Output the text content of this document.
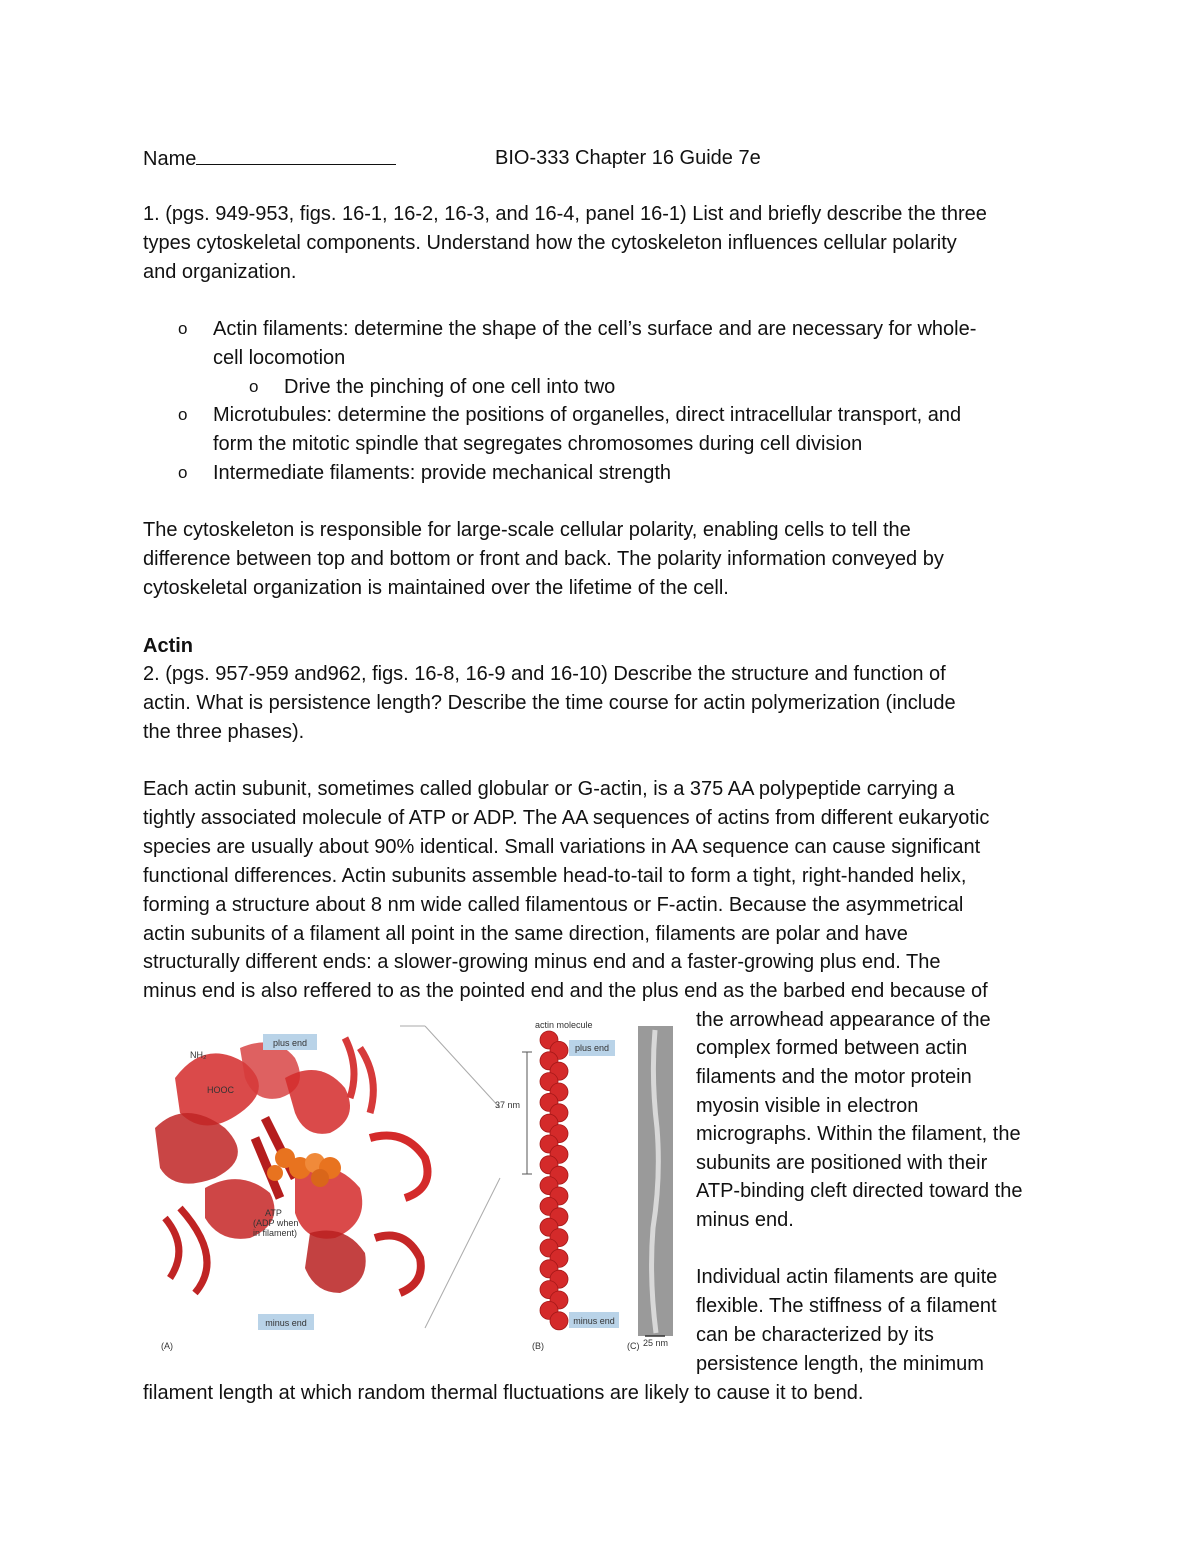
Name	BIO-333 Chapter 16 Guide 7e
1. (pgs. 949-953, figs. 16-1, 16-2, 16-3, and 16-4, panel 16-1) List and briefly describe the three
types cytoskeletal components. Understand how the cytoskeleton influences cellular polarity
and organization.
o Actin filaments: determine the shape of the cell’s surface and are necessary for whole-
cell locomotion
o Drive the pinching of one cell into two
o Microtubules: determine the positions of organelles, direct intracellular transport, and
form the mitotic spindle that segregates chromosomes during cell division
o Intermediate filaments: provide mechanical strength
The cytoskeleton is responsible for large-scale cellular polarity, enabling cells to tell the
difference between top and bottom or front and back. The polarity information conveyed by
cytoskeletal organization is maintained over the lifetime of the cell.
Actin
2. (pgs. 957-959 and962, figs. 16-8, 16-9 and 16-10) Describe the structure and function of
actin. What is persistence length? Describe the time course for actin polymerization (include
the three phases).
Each actin subunit, sometimes called globular or G-actin, is a 375 AA polypeptide carrying a
tightly associated molecule of ATP or ADP. The AA sequences of actins from different eukaryotic
species are usually about 90% identical. Small variations in AA sequence can cause significant
functional differences. Actin subunits assemble head-to-tail to form a tight, right-handed helix,
forming a structure about 8 nm wide called filamentous or F-actin. Because the asymmetrical
actin subunits of a filament all point in the same direction, filaments are polar and have
structurally different ends: a slower-growing minus end and a faster-growing plus end. The
minus end is also reffered to as the pointed end and the plus end as the barbed end because of
the arrowhead appearance of the
complex formed between actin
filaments and the motor protein
myosin visible in electron
micrographs. Within the filament, the
subunits are positioned with their
ATP-binding cleft directed toward the
minus end.
Individual actin filaments are quite
flexible. The stiffness of a filament
can be characterized by its
persistence length, the minimum
filament length at which random thermal fluctuations are likely to cause it to bend.
plus end
NH₂
HOOC
ATP
(ADP when
in filament)
minus end
(A)
actin molecule
plus end
minus end
37 nm
(B)	25 nm
(C)
